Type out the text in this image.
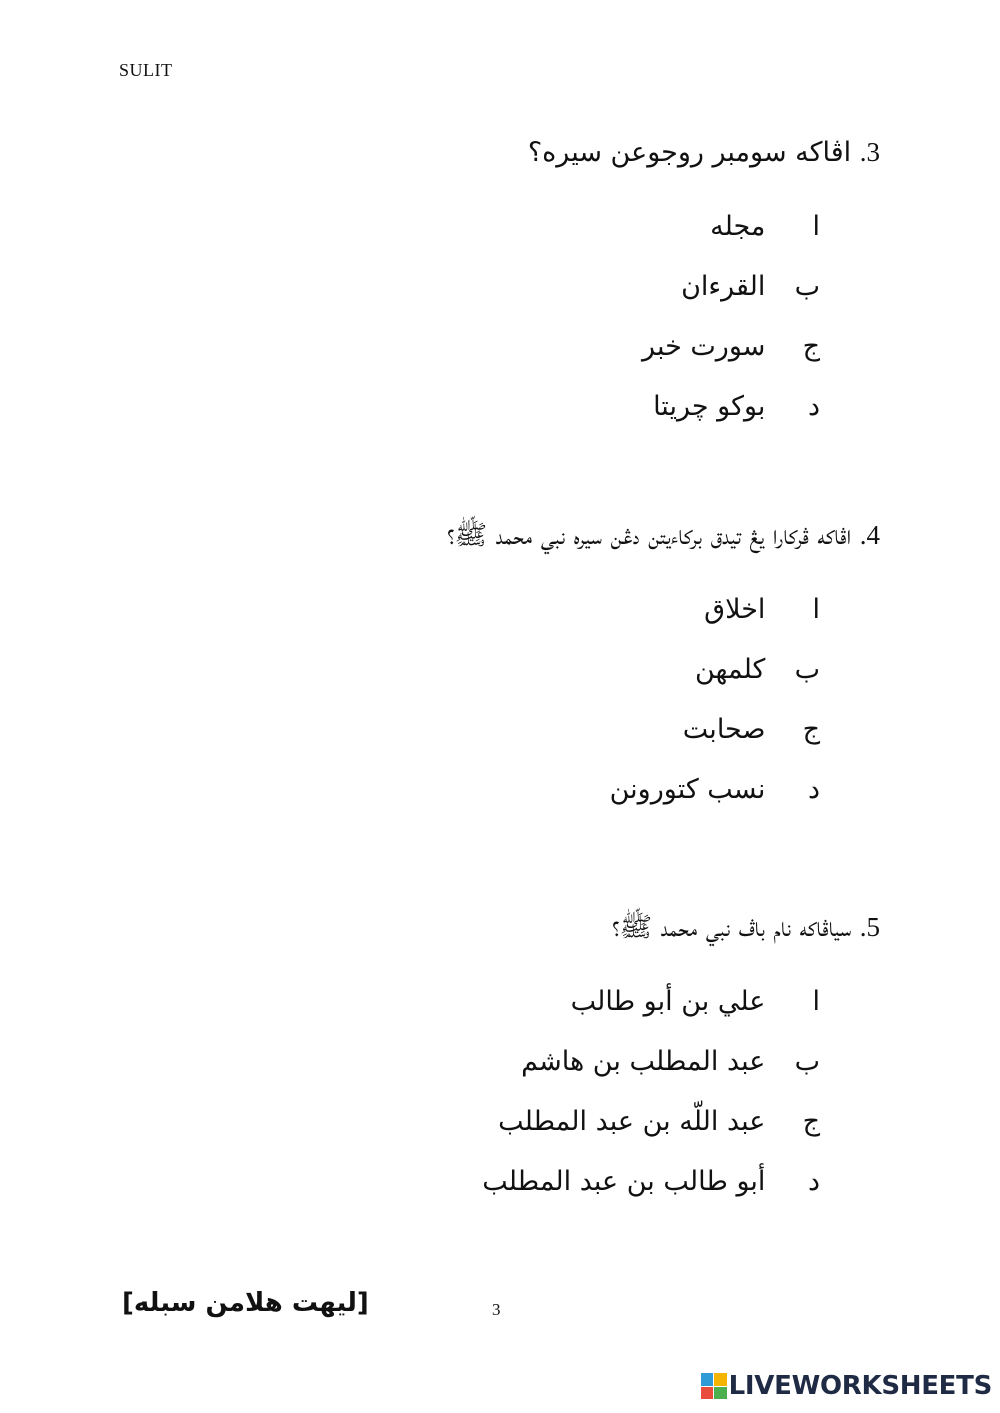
SULIT
3. اڤاكه سومبر روجوعن سيره؟
ا مجله
ب القرءان
ج سورت خبر
د بوكو چريتا
4. اڤاكه ڤركارا يڠ تيدق بركاءيتن دڠن سيره نبي محمد ﷺ؟
ا اخلاق
ب كلمهن
ج صحابت
د نسب كتورونن
5. سياڤاكه نام باڤ نبي محمد ﷺ؟
ا علي بن أبو طالب
ب عبد المطلب بن هاشم
ج عبد اللّه بن عبد المطلب
د أبو طالب بن عبد المطلب
[ليهت هلامن سبله]	3
LIVEWORKSHEETS
